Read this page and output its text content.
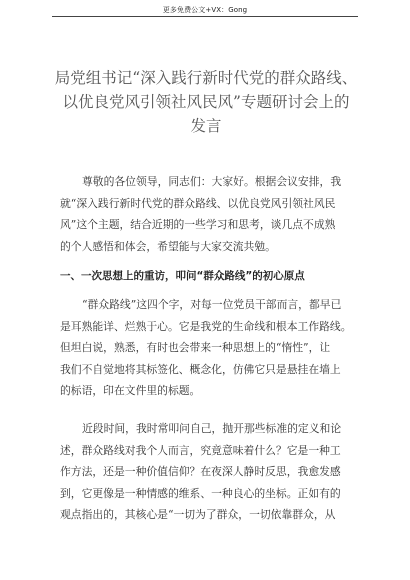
更多免费公文+VX：Gong
局党组书记“深入践行新时代党的群众路线、
以优良党风引领社风民风”专题研讨会上的
发言
尊敬的各位领导，同志们：大家好。根据会议安排，我
就“深入践行新时代党的群众路线、以优良党风引领社风民
风”这个主题，结合近期的一些学习和思考，谈几点不成熟
的个人感悟和体会，希望能与大家交流共勉。
一、一次思想上的重访，叩问“群众路线”的初心原点
“群众路线”这四个字，对每一位党员干部而言，都早已
是耳熟能详、烂熟于心。它是我党的生命线和根本工作路线。
但坦白说，熟悉，有时也会带来一种思想上的“惰性”，让
我们不自觉地将其标签化、概念化，仿佛它只是悬挂在墙上
的标语，印在文件里的标题。
近段时间，我时常叩问自己，抛开那些标准的定义和论
述，群众路线对我个人而言，究竟意味着什么？它是一种工
作方法，还是一种价值信仰？在夜深人静时反思，我愈发感
到，它更像是一种情感的维系、一种良心的坐标。正如有的
观点指出的，其核心是“一切为了群众，一切依靠群众，从
